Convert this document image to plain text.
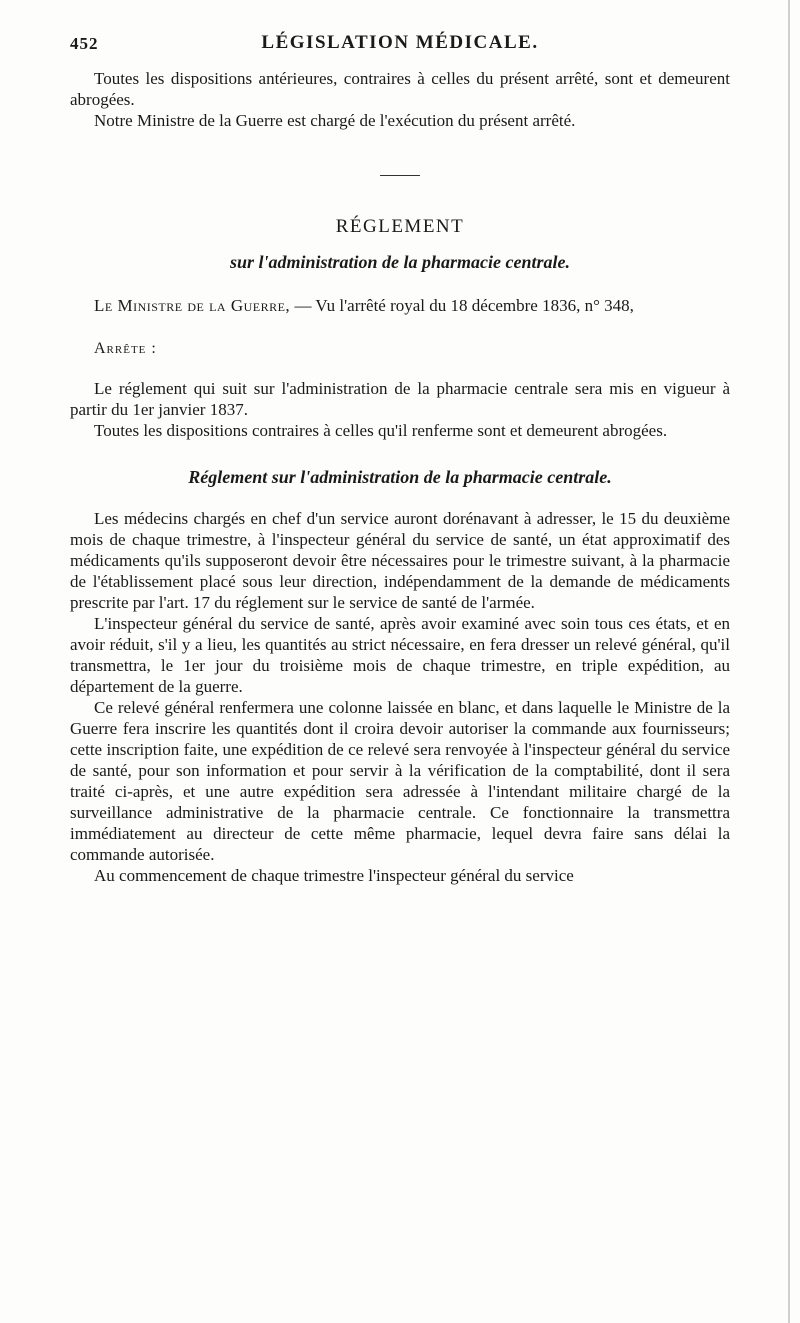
452	LÉGISLATION MÉDICALE.

Toutes les dispositions antérieures, contraires à celles du présent arrêté, sont et demeurent abrogées.

Notre Ministre de la Guerre est chargé de l'exécution du présent arrêté.

RÉGLEMENT
sur l'administration de la pharmacie centrale.

Le Ministre de la Guerre, — Vu l'arrêté royal du 18 décembre 1836, n° 348,

Arrête :

Le réglement qui suit sur l'administration de la pharmacie centrale sera mis en vigueur à partir du 1er janvier 1837.

Toutes les dispositions contraires à celles qu'il renferme sont et demeurent abrogées.

Réglement sur l'administration de la pharmacie centrale.

Les médecins chargés en chef d'un service auront dorénavant à adresser, le 15 du deuxième mois de chaque trimestre, à l'inspecteur général du service de santé, un état approximatif des médicaments qu'ils supposeront devoir être nécessaires pour le trimestre suivant, à la pharmacie de l'établissement placé sous leur direction, indépendamment de la demande de médicaments prescrite par l'art. 17 du réglement sur le service de santé de l'armée.

L'inspecteur général du service de santé, après avoir examiné avec soin tous ces états, et en avoir réduit, s'il y a lieu, les quantités au strict nécessaire, en fera dresser un relevé général, qu'il transmettra, le 1er jour du troisième mois de chaque trimestre, en triple expédition, au département de la guerre.

Ce relevé général renfermera une colonne laissée en blanc, et dans laquelle le Ministre de la Guerre fera inscrire les quantités dont il croira devoir autoriser la commande aux fournisseurs; cette inscription faite, une expédition de ce relevé sera renvoyée à l'inspecteur général du service de santé, pour son information et pour servir à la vérification de la comptabilité, dont il sera traité ci-après, et une autre expédition sera adressée à l'intendant militaire chargé de la surveillance administrative de la pharmacie centrale. Ce fonctionnaire la transmettra immédiatement au directeur de cette même pharmacie, lequel devra faire sans délai la commande autorisée.

Au commencement de chaque trimestre l'inspecteur général du service
